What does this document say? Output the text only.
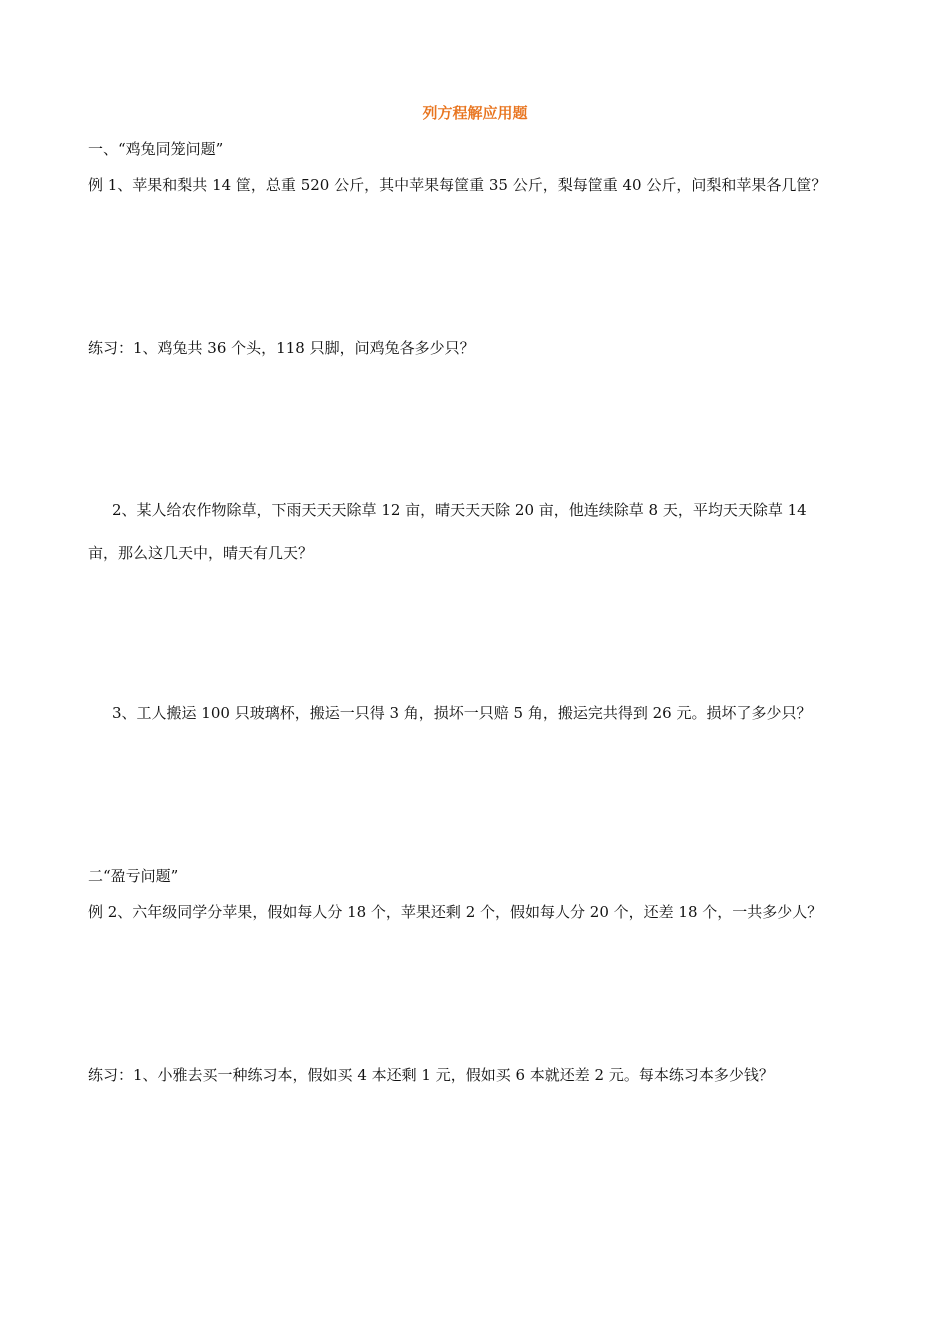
列方程解应用题
一、“鸡兔同笼问题”
例 1、苹果和梨共 14 筐，总重 520 公斤，其中苹果每筐重 35 公斤，梨每筐重 40 公斤，问梨和苹果各几筐？
练习：1、鸡兔共 36 个头，118 只脚，问鸡兔各多少只？
2、某人给农作物除草，下雨天天天除草 12 亩，晴天天天除 20 亩，他连续除草 8 天，平均天天除草 14
亩，那么这几天中，晴天有几天？
3、工人搬运 100 只玻璃杯，搬运一只得 3 角，损坏一只赔 5 角，搬运完共得到 26 元。损坏了多少只？
二“盈亏问题”
例 2、六年级同学分苹果，假如每人分 18 个，苹果还剩 2 个，假如每人分 20 个，还差 18 个，一共多少人？
练习：1、小雅去买一种练习本，假如买 4 本还剩 1 元，假如买 6 本就还差 2 元。每本练习本多少钱？
